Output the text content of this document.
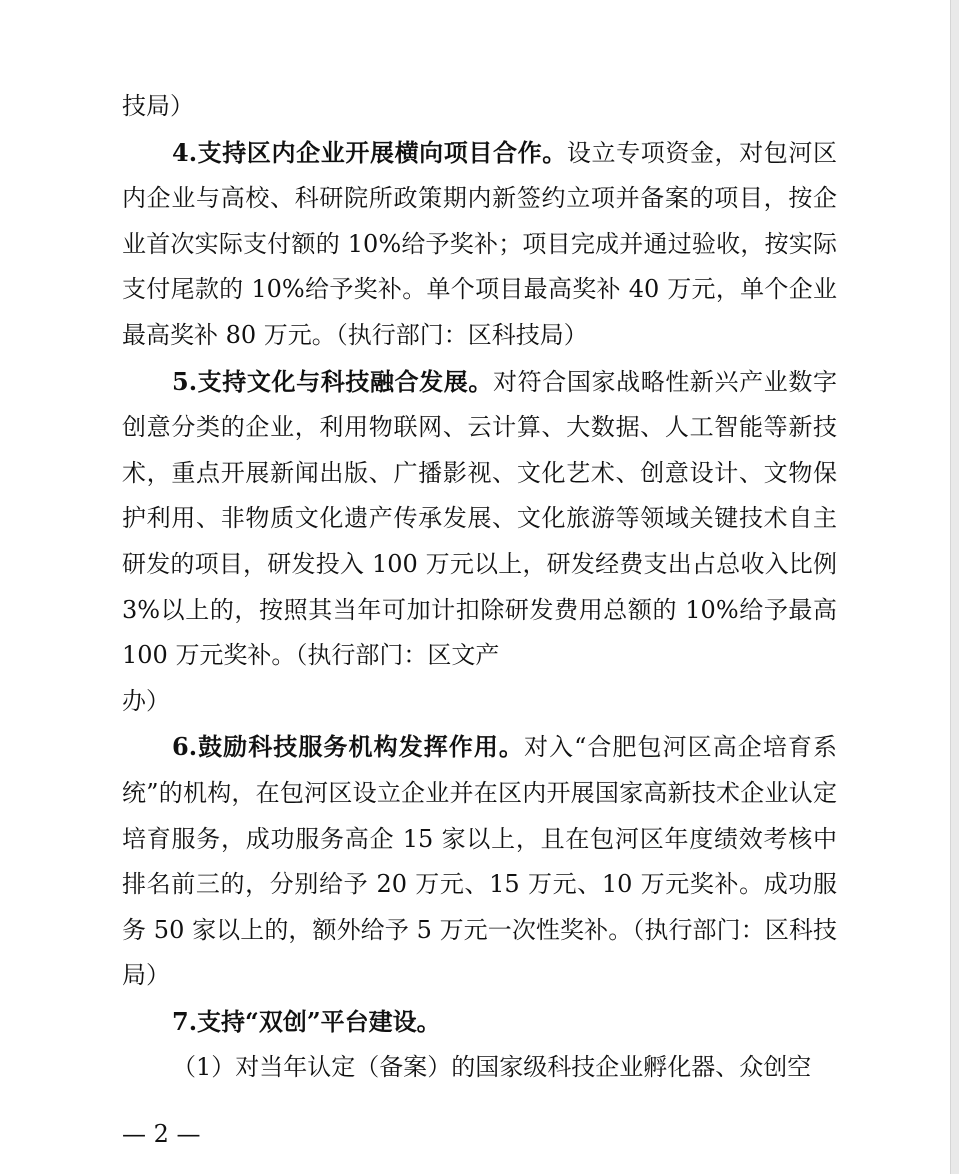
技局）

4.支持区内企业开展横向项目合作。设立专项资金，对包河区内企业与高校、科研院所政策期内新签约立项并备案的项目，按企业首次实际支付额的 10%给予奖补；项目完成并通过验收，按实际支付尾款的 10%给予奖补。单个项目最高奖补 40 万元，单个企业最高奖补 80 万元。（执行部门：区科技局）

5.支持文化与科技融合发展。对符合国家战略性新兴产业数字创意分类的企业，利用物联网、云计算、大数据、人工智能等新技术，重点开展新闻出版、广播影视、文化艺术、创意设计、文物保护利用、非物质文化遗产传承发展、文化旅游等领域关键技术自主研发的项目，研发投入 100 万元以上，研发经费支出占总收入比例 3%以上的，按照其当年可加计扣除研发费用总额的 10%给予最高 100 万元奖补。（执行部门：区文产

办）

6.鼓励科技服务机构发挥作用。对入“合肥包河区高企培育系统”的机构，在包河区设立企业并在区内开展国家高新技术企业认定培育服务，成功服务高企 15 家以上，且在包河区年度绩效考核中排名前三的，分别给予 20 万元、15 万元、10 万元奖补。成功服务 50 家以上的，额外给予 5 万元一次性奖补。（执行部门：区科技局）

7.支持“双创”平台建设。

（1）对当年认定（备案）的国家级科技企业孵化器、众创空

— 2 —
